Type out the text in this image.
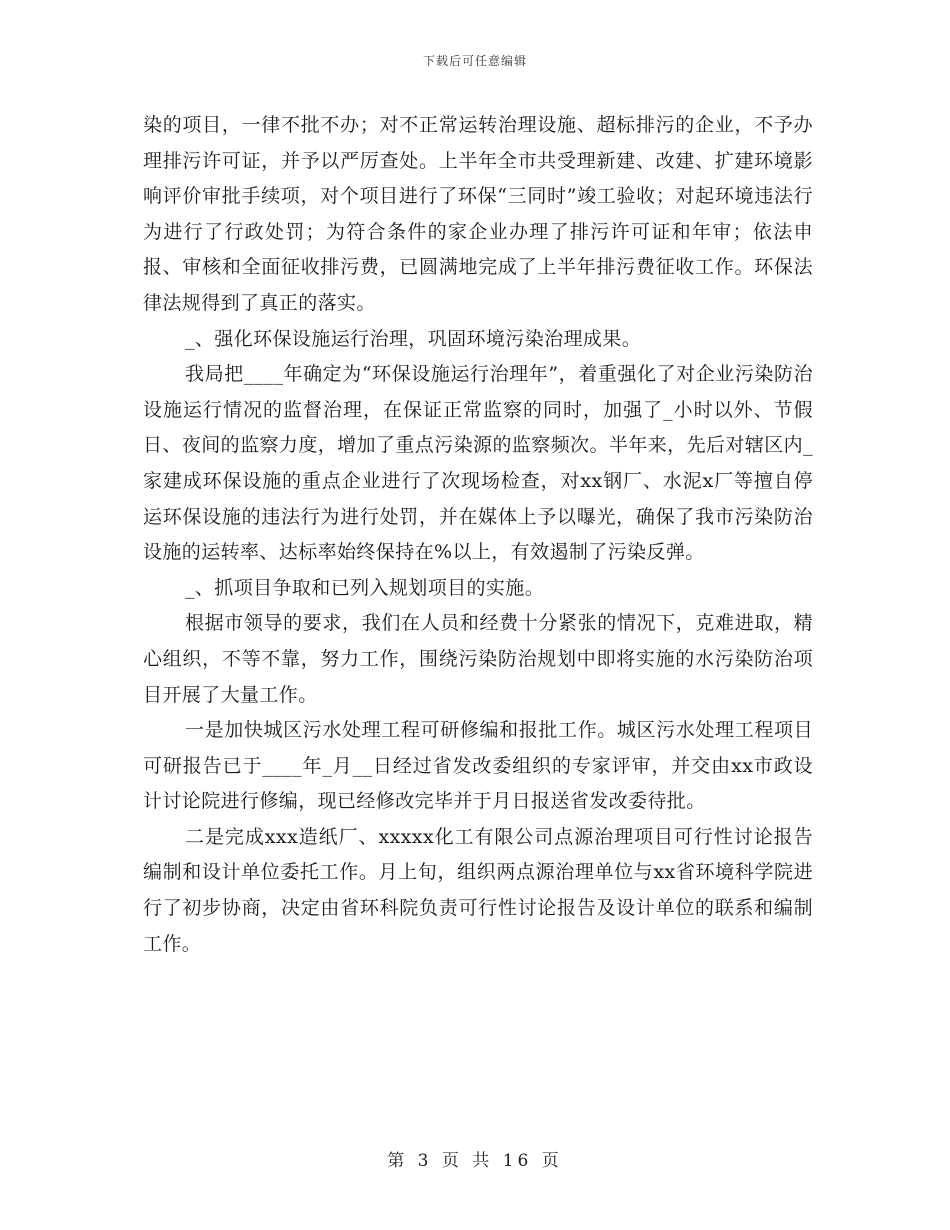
下载后可任意编辑

染的项目，一律不批不办；对不正常运转治理设施、超标排污的企业，不予办理排污许可证，并予以严厉查处。上半年全市共受理新建、改建、扩建环境影响评价审批手续项，对个项目进行了环保“三同时”竣工验收；对起环境违法行为进行了行政处罚；为符合条件的家企业办理了排污许可证和年审；依法申报、审核和全面征收排污费，已圆满地完成了上半年排污费征收工作。环保法律法规得到了真正的落实。

_、强化环保设施运行治理，巩固环境污染治理成果。

我局把____年确定为“环保设施运行治理年”，着重强化了对企业污染防治设施运行情况的监督治理，在保证正常监察的同时，加强了_小时以外、节假日、夜间的监察力度，增加了重点污染源的监察频次。半年来，先后对辖区内_家建成环保设施的重点企业进行了次现场检查，对xx钢厂、水泥x厂等擅自停运环保设施的违法行为进行处罚，并在媒体上予以曝光，确保了我市污染防治设施的运转率、达标率始终保持在%以上，有效遏制了污染反弹。

_、抓项目争取和已列入规划项目的实施。

根据市领导的要求，我们在人员和经费十分紧张的情况下，克难进取，精心组织，不等不靠，努力工作，围绕污染防治规划中即将实施的水污染防治项目开展了大量工作。

一是加快城区污水处理工程可研修编和报批工作。城区污水处理工程项目可研报告已于____年_月__日经过省发改委组织的专家评审，并交由xx市政设计讨论院进行修编，现已经修改完毕并于月日报送省发改委待批。

二是完成xxx造纸厂、xxxxx化工有限公司点源治理项目可行性讨论报告编制和设计单位委托工作。月上旬，组织两点源治理单位与xx省环境科学院进行了初步协商，决定由省环科院负责可行性讨论报告及设计单位的联系和编制工作。

第 3 页 共 16 页
